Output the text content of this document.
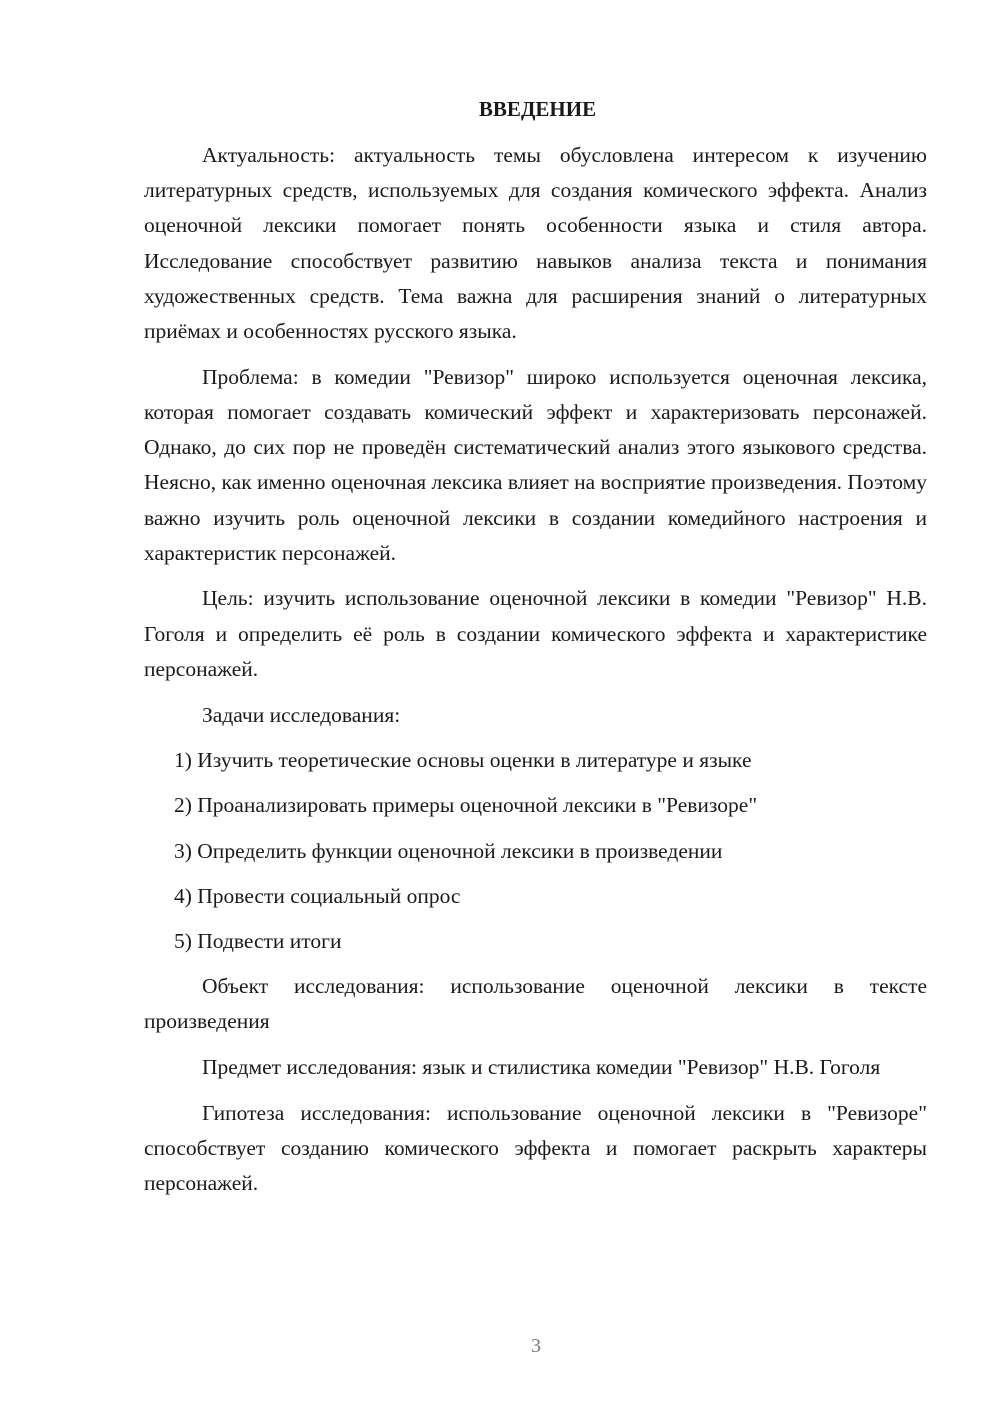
ВВЕДЕНИЕ

Актуальность: актуальность темы обусловлена интересом к изучению литературных средств, используемых для создания комического эффекта. Анализ оценочной лексики помогает понять особенности языка и стиля автора. Исследование способствует развитию навыков анализа текста и понимания художественных средств. Тема важна для расширения знаний о литературных приёмах и особенностях русского языка.

Проблема: в комедии "Ревизор" широко используется оценочная лексика, которая помогает создавать комический эффект и характеризовать персонажей. Однако, до сих пор не проведён систематический анализ этого языкового средства. Неясно, как именно оценочная лексика влияет на восприятие произведения. Поэтому важно изучить роль оценочной лексики в создании комедийного настроения и характеристик персонажей.

Цель: изучить использование оценочной лексики в комедии "Ревизор" Н.В. Гоголя и определить её роль в создании комического эффекта и характеристике персонажей.

Задачи исследования:

1) Изучить теоретические основы оценки в литературе и языке
2) Проанализировать примеры оценочной лексики в "Ревизоре"
3) Определить функции оценочной лексики в произведении
4) Провести социальный опрос
5) Подвести итоги

Объект исследования: использование оценочной лексики в тексте произведения

Предмет исследования: язык и стилистика комедии "Ревизор" Н.В. Гоголя

Гипотеза исследования: использование оценочной лексики в "Ревизоре" способствует созданию комического эффекта и помогает раскрыть характеры персонажей.

3
